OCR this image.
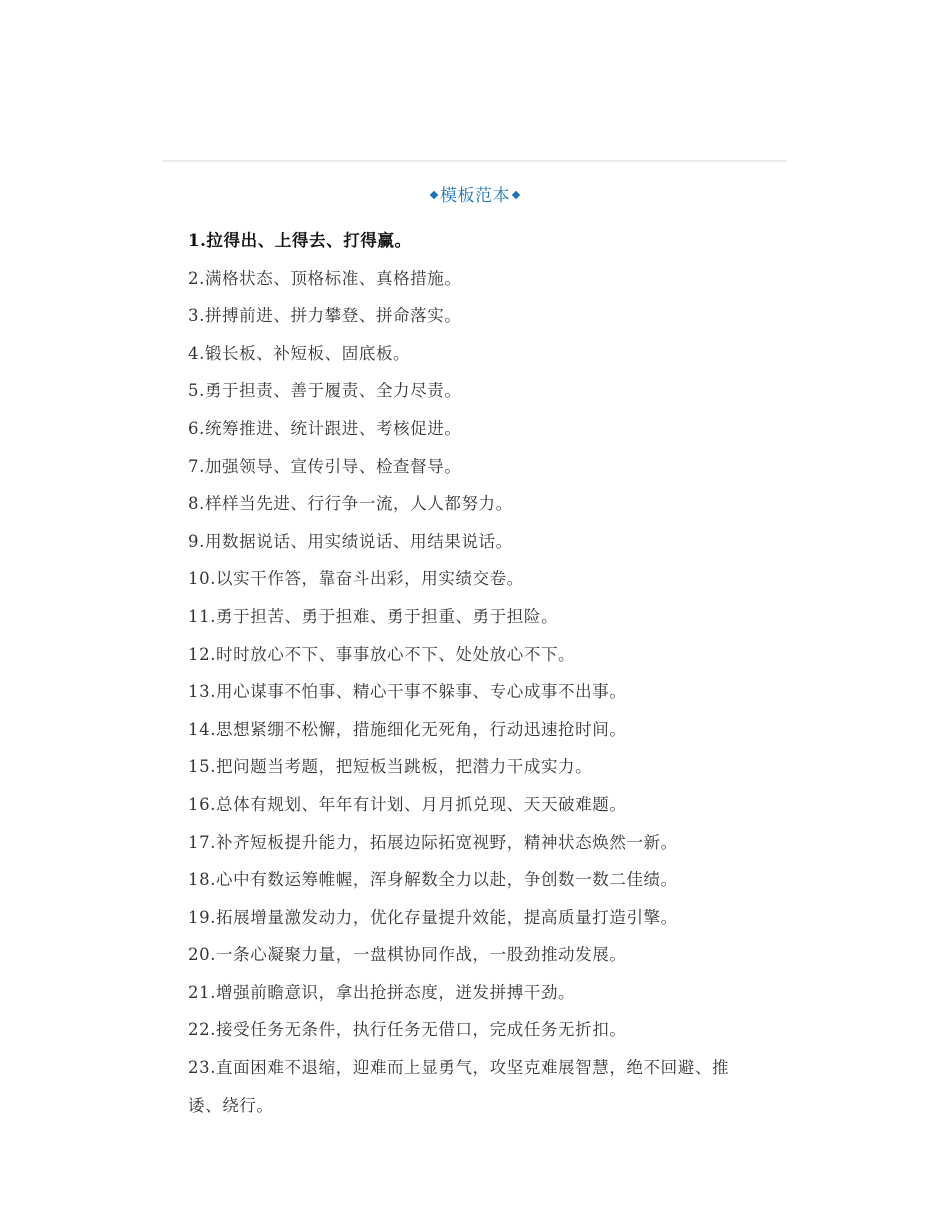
模板范本
1.拉得出、上得去、打得赢。
2.满格状态、顶格标准、真格措施。
3.拼搏前进、拼力攀登、拼命落实。
4.锻长板、补短板、固底板。
5.勇于担责、善于履责、全力尽责。
6.统筹推进、统计跟进、考核促进。
7.加强领导、宣传引导、检查督导。
8.样样当先进、行行争一流，人人都努力。
9.用数据说话、用实绩说话、用结果说话。
10.以实干作答，靠奋斗出彩，用实绩交卷。
11.勇于担苦、勇于担难、勇于担重、勇于担险。
12.时时放心不下、事事放心不下、处处放心不下。
13.用心谋事不怕事、精心干事不躲事、专心成事不出事。
14.思想紧绷不松懈，措施细化无死角，行动迅速抢时间。
15.把问题当考题，把短板当跳板，把潜力干成实力。
16.总体有规划、年年有计划、月月抓兑现、天天破难题。
17.补齐短板提升能力，拓展边际拓宽视野，精神状态焕然一新。
18.心中有数运筹帷幄，浑身解数全力以赴，争创数一数二佳绩。
19.拓展增量激发动力，优化存量提升效能，提高质量打造引擎。
20.一条心凝聚力量，一盘棋协同作战，一股劲推动发展。
21.增强前瞻意识，拿出抢拼态度，迸发拼搏干劲。
22.接受任务无条件，执行任务无借口，完成任务无折扣。
23.直面困难不退缩，迎难而上显勇气，攻坚克难展智慧，绝不回避、推诿、绕行。
